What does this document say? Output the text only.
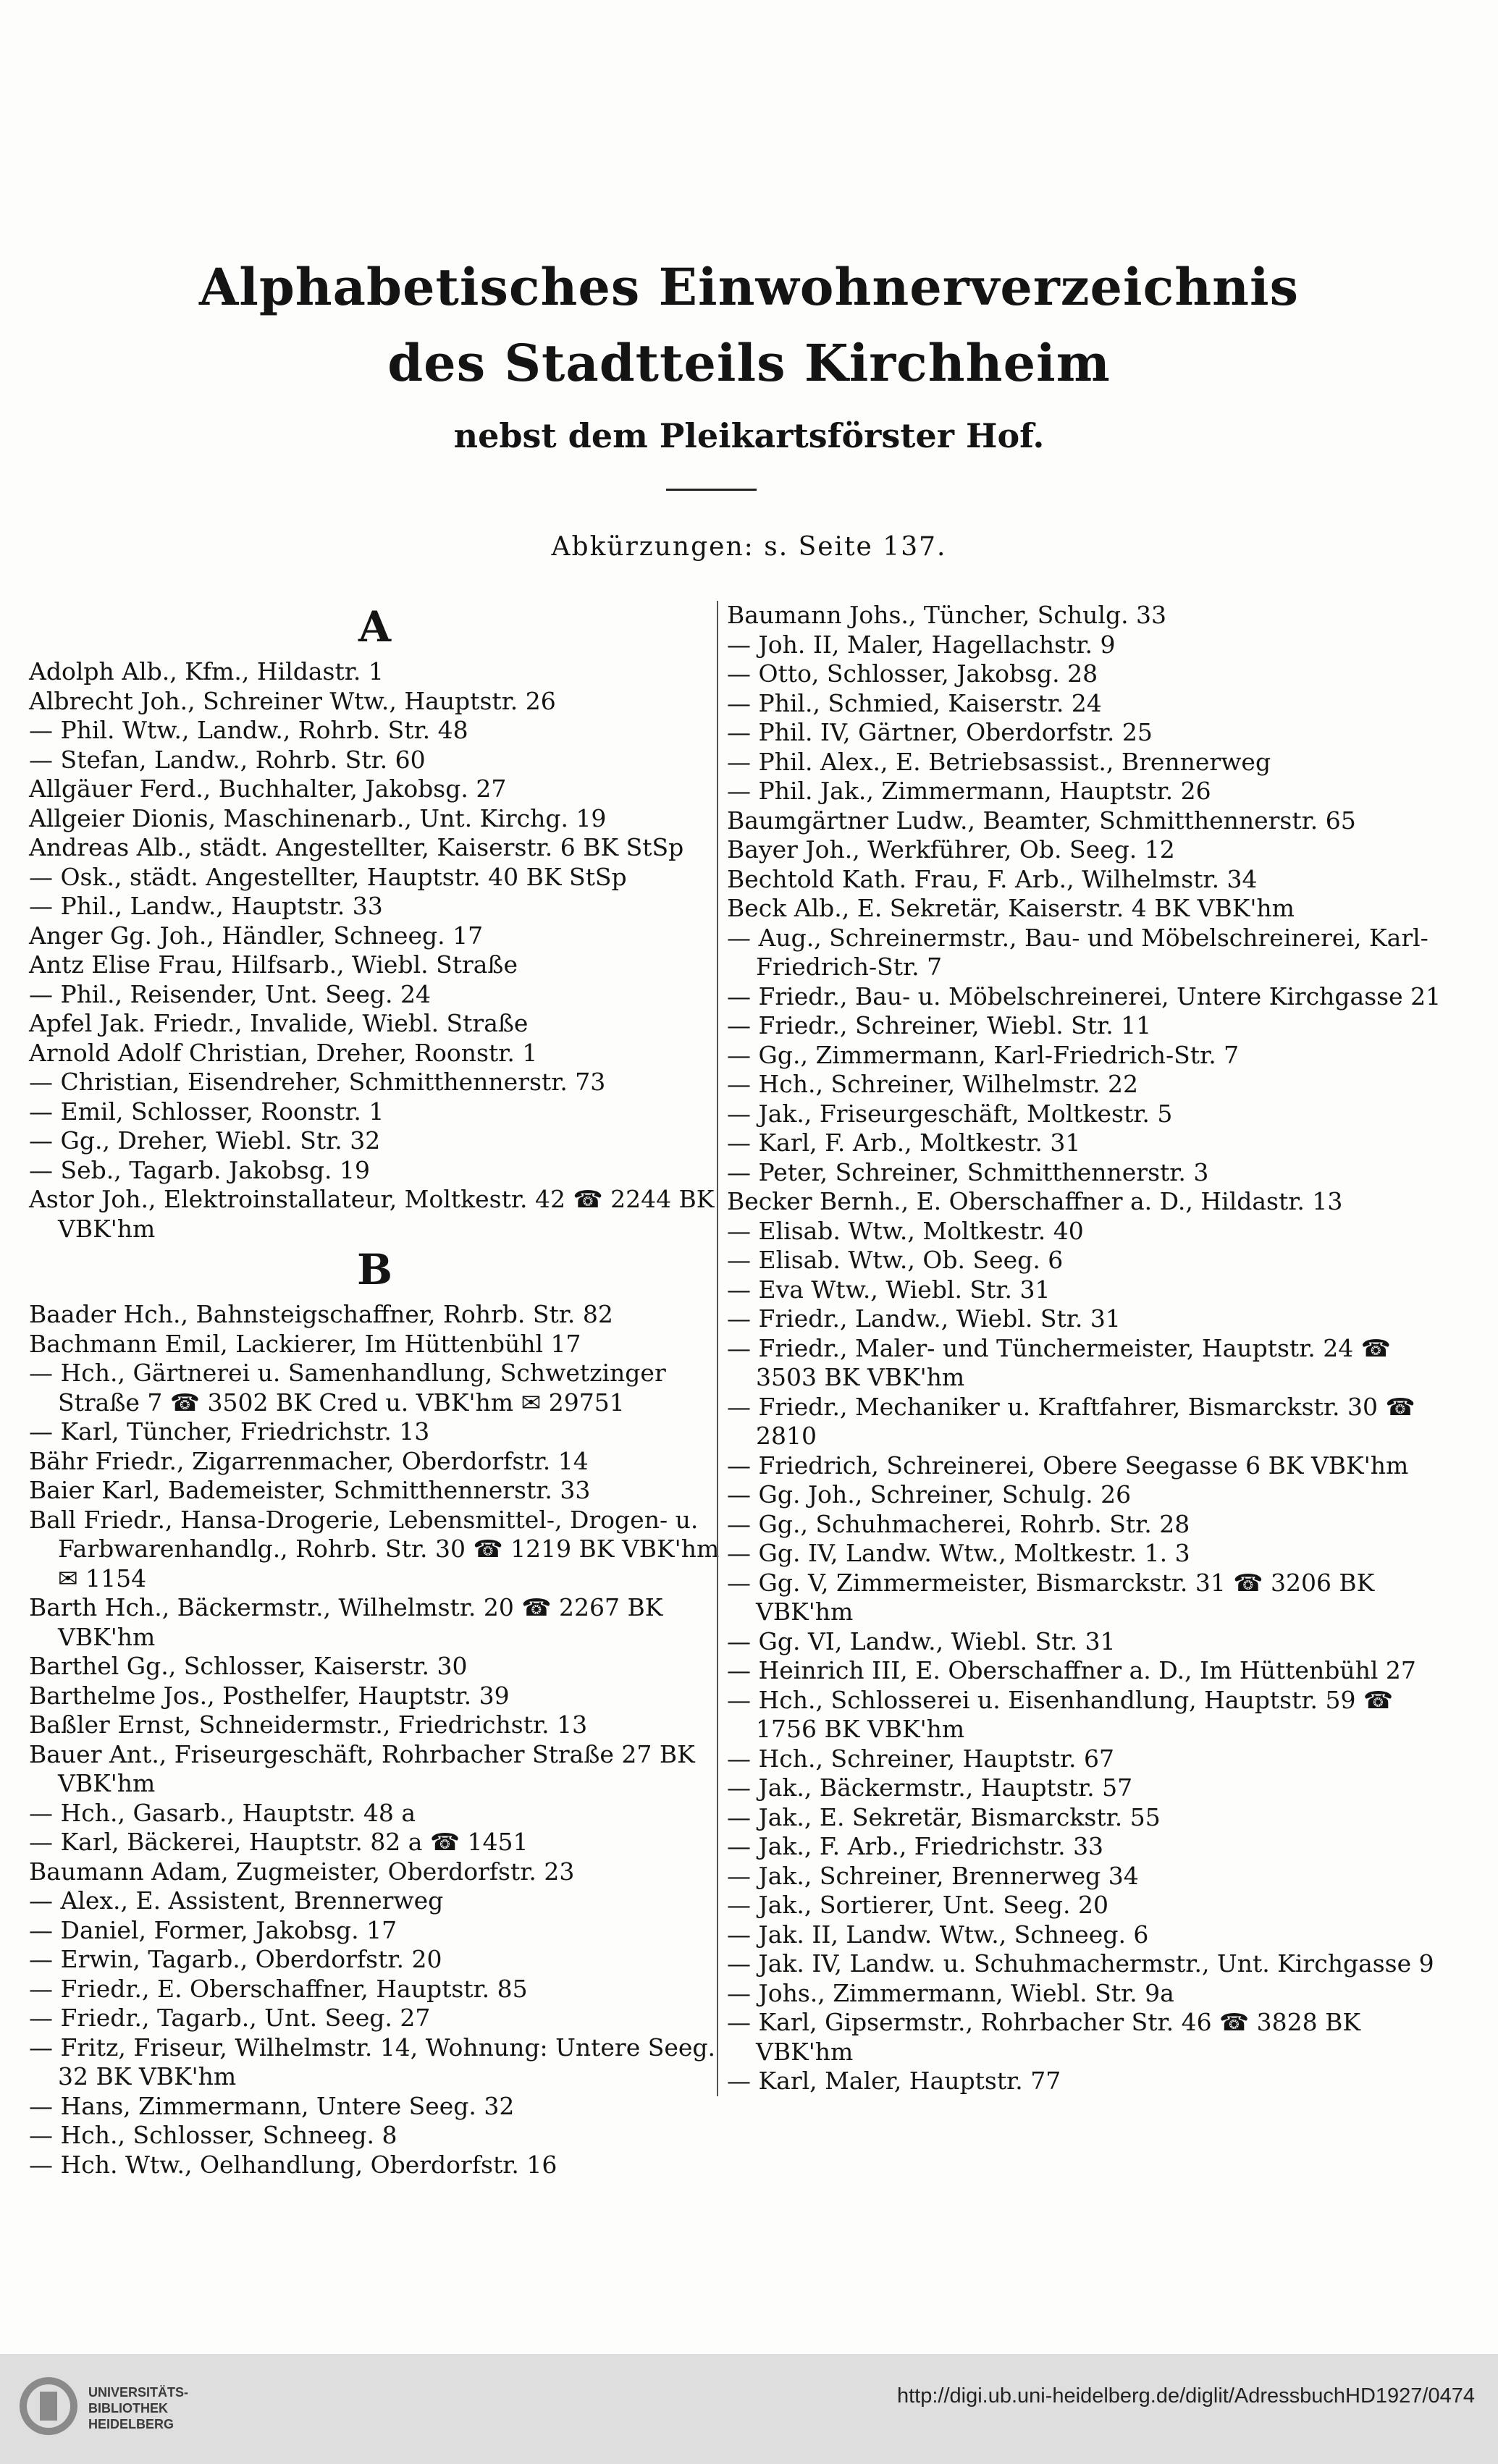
Alphabetisches Einwohnerverzeichnis
des Stadtteils Kirchheim
nebst dem Pleikartsförster Hof.
Abkürzungen: s. Seite 137.
A
Adolph Alb., Kfm., Hildastr. 1
Albrecht Joh., Schreiner Wtw., Hauptstr. 26
— Phil. Wtw., Landw., Rohrb. Str. 48
— Stefan, Landw., Rohrb. Str. 60
Allgäuer Ferd., Buchhalter, Jakobsg. 27
Allgeier Dionis, Maschinenarb., Unt. Kirchg. 19
Andreas Alb., städt. Angestellter, Kaiserstr. 6 BK StSp
— Osk., städt. Angestellter, Hauptstr. 40 BK StSp
— Phil., Landw., Hauptstr. 33
Anger Gg. Joh., Händler, Schneeg. 17
Antz Elise Frau, Hilfsarb., Wiebl. Straße
— Phil., Reisender, Unt. Seeg. 24
Apfel Jak. Friedr., Invalide, Wiebl. Straße
Arnold Adolf Christian, Dreher, Roonstr. 1
— Christian, Eisendreher, Schmitthennerstr. 73
— Emil, Schlosser, Roonstr. 1
— Gg., Dreher, Wiebl. Str. 32
— Seb., Tagarb. Jakobsg. 19
Astor Joh., Elektroinstallateur, Moltkestr. 42 ☎ 2244 BK VBK'hm
B
Baader Hch., Bahnsteigschaffner, Rohrb. Str. 82
Bachmann Emil, Lackierer, Im Hüttenbühl 17
— Hch., Gärtnerei u. Samenhandlung, Schwetzinger Straße 7 ☎ 3502 BK Cred u. VBK'hm ✉ 29751
— Karl, Tüncher, Friedrichstr. 13
Bähr Friedr., Zigarrenmacher, Oberdorfstr. 14
Baier Karl, Bademeister, Schmitthennerstr. 33
Ball Friedr., Hansa-Drogerie, Lebensmittel-, Drogen- u. Farbwarenhandlg., Rohrb. Str. 30 ☎ 1219 BK VBK'hm ✉ 1154
Barth Hch., Bäckermstr., Wilhelmstr. 20 ☎ 2267 BK VBK'hm
Barthel Gg., Schlosser, Kaiserstr. 30
Barthelme Jos., Posthelfer, Hauptstr. 39
Baßler Ernst, Schneidermstr., Friedrichstr. 13
Bauer Ant., Friseurgeschäft, Rohrbacher Straße 27 BK VBK'hm
— Hch., Gasarb., Hauptstr. 48 a
— Karl, Bäckerei, Hauptstr. 82 a ☎ 1451
Baumann Adam, Zugmeister, Oberdorfstr. 23
— Alex., E. Assistent, Brennerweg
— Daniel, Former, Jakobsg. 17
— Erwin, Tagarb., Oberdorfstr. 20
— Friedr., E. Oberschaffner, Hauptstr. 85
— Friedr., Tagarb., Unt. Seeg. 27
— Fritz, Friseur, Wilhelmstr. 14, Wohnung: Untere Seeg. 32 BK VBK'hm
— Hans, Zimmermann, Untere Seeg. 32
— Hch., Schlosser, Schneeg. 8
— Hch. Wtw., Oelhandlung, Oberdorfstr. 16
Baumann Johs., Tüncher, Schulg. 33
— Joh. II, Maler, Hagellachstr. 9
— Otto, Schlosser, Jakobsg. 28
— Phil., Schmied, Kaiserstr. 24
— Phil. IV, Gärtner, Oberdorfstr. 25
— Phil. Alex., E. Betriebsassist., Brennerweg
— Phil. Jak., Zimmermann, Hauptstr. 26
Baumgärtner Ludw., Beamter, Schmitthennerstr. 65
Bayer Joh., Werkführer, Ob. Seeg. 12
Bechtold Kath. Frau, F. Arb., Wilhelmstr. 34
Beck Alb., E. Sekretär, Kaiserstr. 4 BK VBK'hm
— Aug., Schreinermstr., Bau- und Möbelschreinerei, Karl-Friedrich-Str. 7
— Friedr., Bau- u. Möbelschreinerei, Untere Kirchgasse 21
— Friedr., Schreiner, Wiebl. Str. 11
— Gg., Zimmermann, Karl-Friedrich-Str. 7
— Hch., Schreiner, Wilhelmstr. 22
— Jak., Friseurgeschäft, Moltkestr. 5
— Karl, F. Arb., Moltkestr. 31
— Peter, Schreiner, Schmitthennerstr. 3
Becker Bernh., E. Oberschaffner a. D., Hildastr. 13
— Elisab. Wtw., Moltkestr. 40
— Elisab. Wtw., Ob. Seeg. 6
— Eva Wtw., Wiebl. Str. 31
— Friedr., Landw., Wiebl. Str. 31
— Friedr., Maler- und Tünchermeister, Hauptstr. 24 ☎ 3503 BK VBK'hm
— Friedr., Mechaniker u. Kraftfahrer, Bismarckstr. 30 ☎ 2810
— Friedrich, Schreinerei, Obere Seegasse 6 BK VBK'hm
— Gg. Joh., Schreiner, Schulg. 26
— Gg., Schuhmacherei, Rohrb. Str. 28
— Gg. IV, Landw. Wtw., Moltkestr. 1. 3
— Gg. V, Zimmermeister, Bismarckstr. 31 ☎ 3206 BK VBK'hm
— Gg. VI, Landw., Wiebl. Str. 31
— Heinrich III, E. Oberschaffner a. D., Im Hüttenbühl 27
— Hch., Schlosserei u. Eisenhandlung, Hauptstr. 59 ☎ 1756 BK VBK'hm
— Hch., Schreiner, Hauptstr. 67
— Jak., Bäckermstr., Hauptstr. 57
— Jak., E. Sekretär, Bismarckstr. 55
— Jak., F. Arb., Friedrichstr. 33
— Jak., Schreiner, Brennerweg 34
— Jak., Sortierer, Unt. Seeg. 20
— Jak. II, Landw. Wtw., Schneeg. 6
— Jak. IV, Landw. u. Schuhmachermstr., Unt. Kirchgasse 9
— Johs., Zimmermann, Wiebl. Str. 9a
— Karl, Gipsermstr., Rohrbacher Str. 46 ☎ 3828 BK VBK'hm
— Karl, Maler, Hauptstr. 77
UNIVERSITÄTS-
BIBLIOTHEK
HEIDELBERG
http://digi.ub.uni-heidelberg.de/diglit/AdressbuchHD1927/0474
